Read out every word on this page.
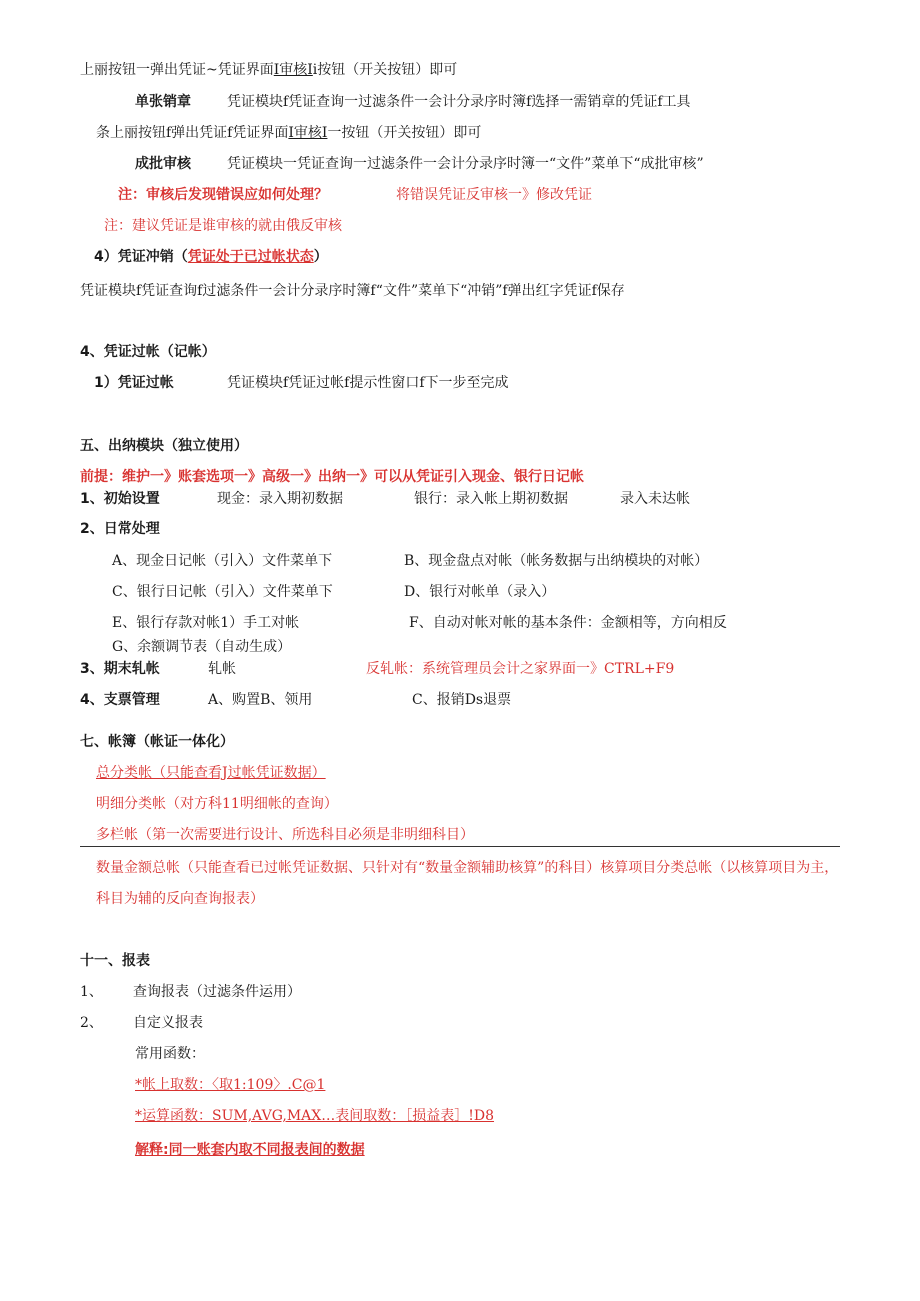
上丽按钮一弹出凭证~凭证界面I审核Ii按钮（开关按钮）即可
单张销章	凭证模块f凭证查询一过滤条件一会计分录序时簿f选择一需销章的凭证f工具
条上丽按钮f弹出凭证f凭证界面I审核I一按钮（开关按钮）即可
成批审核	凭证模块一凭证查询一过滤条件一会计分录序时簿一“文件”菜单下“成批审核”
注：审核后发现错误应如何处理？	将错误凭证反审核一》修改凭证
注：建议凭证是谁审核的就由俄反审核
4）凭证冲销（凭证处于已过帐状态）
凭证模块f凭证查询f过滤条件一会计分录序时簿f“文件”菜单下“冲销”f弹出红字凭证f保存
4、凭证过帐（记帐）
1）凭证过帐	凭证模块f凭证过帐f提示性窗口f下一步至完成
五、出纳模块（独立使用）
前提：维护一》账套选项一》高级一》出纳一》可以从凭证引入现金、银行日记帐
1、初始设置	现金：录入期初数据	银行：录入帐上期初数据	录入未达帐
2、日常处理
A、现金日记帐（引入）文件菜单下	B、现金盘点对帐（帐务数据与出纳模块的对帐）
C、银行日记帐（引入）文件菜单下	D、银行对帐单（录入）
E、银行存款对帐1）手工对帐	F、自动对帐对帐的基本条件：金额相等，方向相反
G、余额调节表（自动生成）
3、期末轧帐	轧帐	反轧帐：系统管理员会计之家界面一》CTRL+F9
4、支票管理	A、购置B、领用	C、报销Ds退票
七、帐簿（帐证一体化）
总分类帐（只能查看J过帐凭证数据）
明细分类帐（对方科11明细帐的查询）
多栏帐（第一次需要进行设计、所选科目必须是非明细科目）
数量金额总帐（只能查看已过帐凭证数据、只针对有“数量金额辅助核算”的科目）核算项目分类总帐（以核算项目为主，科目为辅的反向查询报表）
十一、报表
1、 查询报表（过滤条件运用）
2、 自定义报表
常用函数：
*帐上取数：〈取1:109〉.C@1
*运算函数：SUM,AVG,MAX…表间取数：［损益表］!D8
解释:同一账套内取不同报表间的数据
